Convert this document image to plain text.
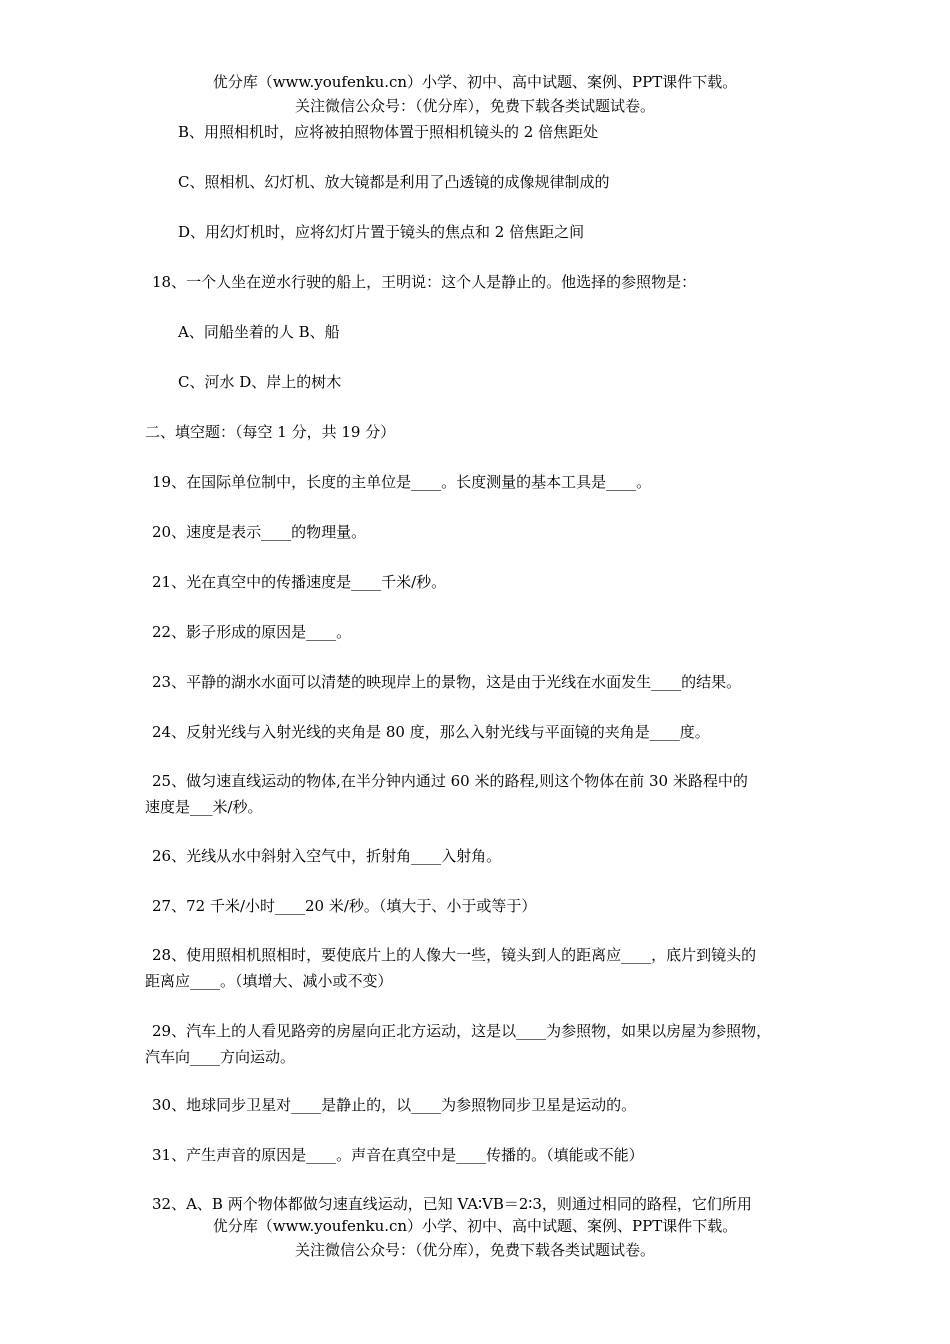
优分库（www.youfenku.cn）小学、初中、高中试题、案例、PPT课件下载。
关注微信公众号：（优分库），免费下载各类试题试卷。
B、用照相机时，应将被拍照物体置于照相机镜头的 2 倍焦距处
C、照相机、幻灯机、放大镜都是利用了凸透镜的成像规律制成的
D、用幻灯机时，应将幻灯片置于镜头的焦点和 2 倍焦距之间
18、一个人坐在逆水行驶的船上，王明说：这个人是静止的。他选择的参照物是：
A、同船坐着的人 B、船
C、河水 D、岸上的树木
二、填空题：（每空 1 分，共 19 分）
19、在国际单位制中，长度的主单位是____。长度测量的基本工具是____。
20、速度是表示____的物理量。
21、光在真空中的传播速度是____千米/秒。
22、影子形成的原因是____。
23、平静的湖水水面可以清楚的映现岸上的景物，这是由于光线在水面发生____的结果。
24、反射光线与入射光线的夹角是 80 度，那么入射光线与平面镜的夹角是____度。
25、做匀速直线运动的物体,在半分钟内通过 60 米的路程,则这个物体在前 30 米路程中的
速度是___米/秒。
26、光线从水中斜射入空气中，折射角____入射角。
27、72 千米/小时____20 米/秒。（填大于、小于或等于）
28、使用照相机照相时，要使底片上的人像大一些，镜头到人的距离应____，底片到镜头的
距离应____。（填增大、减小或不变）
29、汽车上的人看见路旁的房屋向正北方运动，这是以____为参照物，如果以房屋为参照物，
汽车向____方向运动。
30、地球同步卫星对____是静止的，以____为参照物同步卫星是运动的。
31、产生声音的原因是____。声音在真空中是____传播的。（填能或不能）
32、A、B 两个物体都做匀速直线运动，已知 VA∶VB＝2∶3，则通过相同的路程，它们所用
优分库（www.youfenku.cn）小学、初中、高中试题、案例、PPT课件下载。
关注微信公众号：（优分库），免费下载各类试题试卷。
